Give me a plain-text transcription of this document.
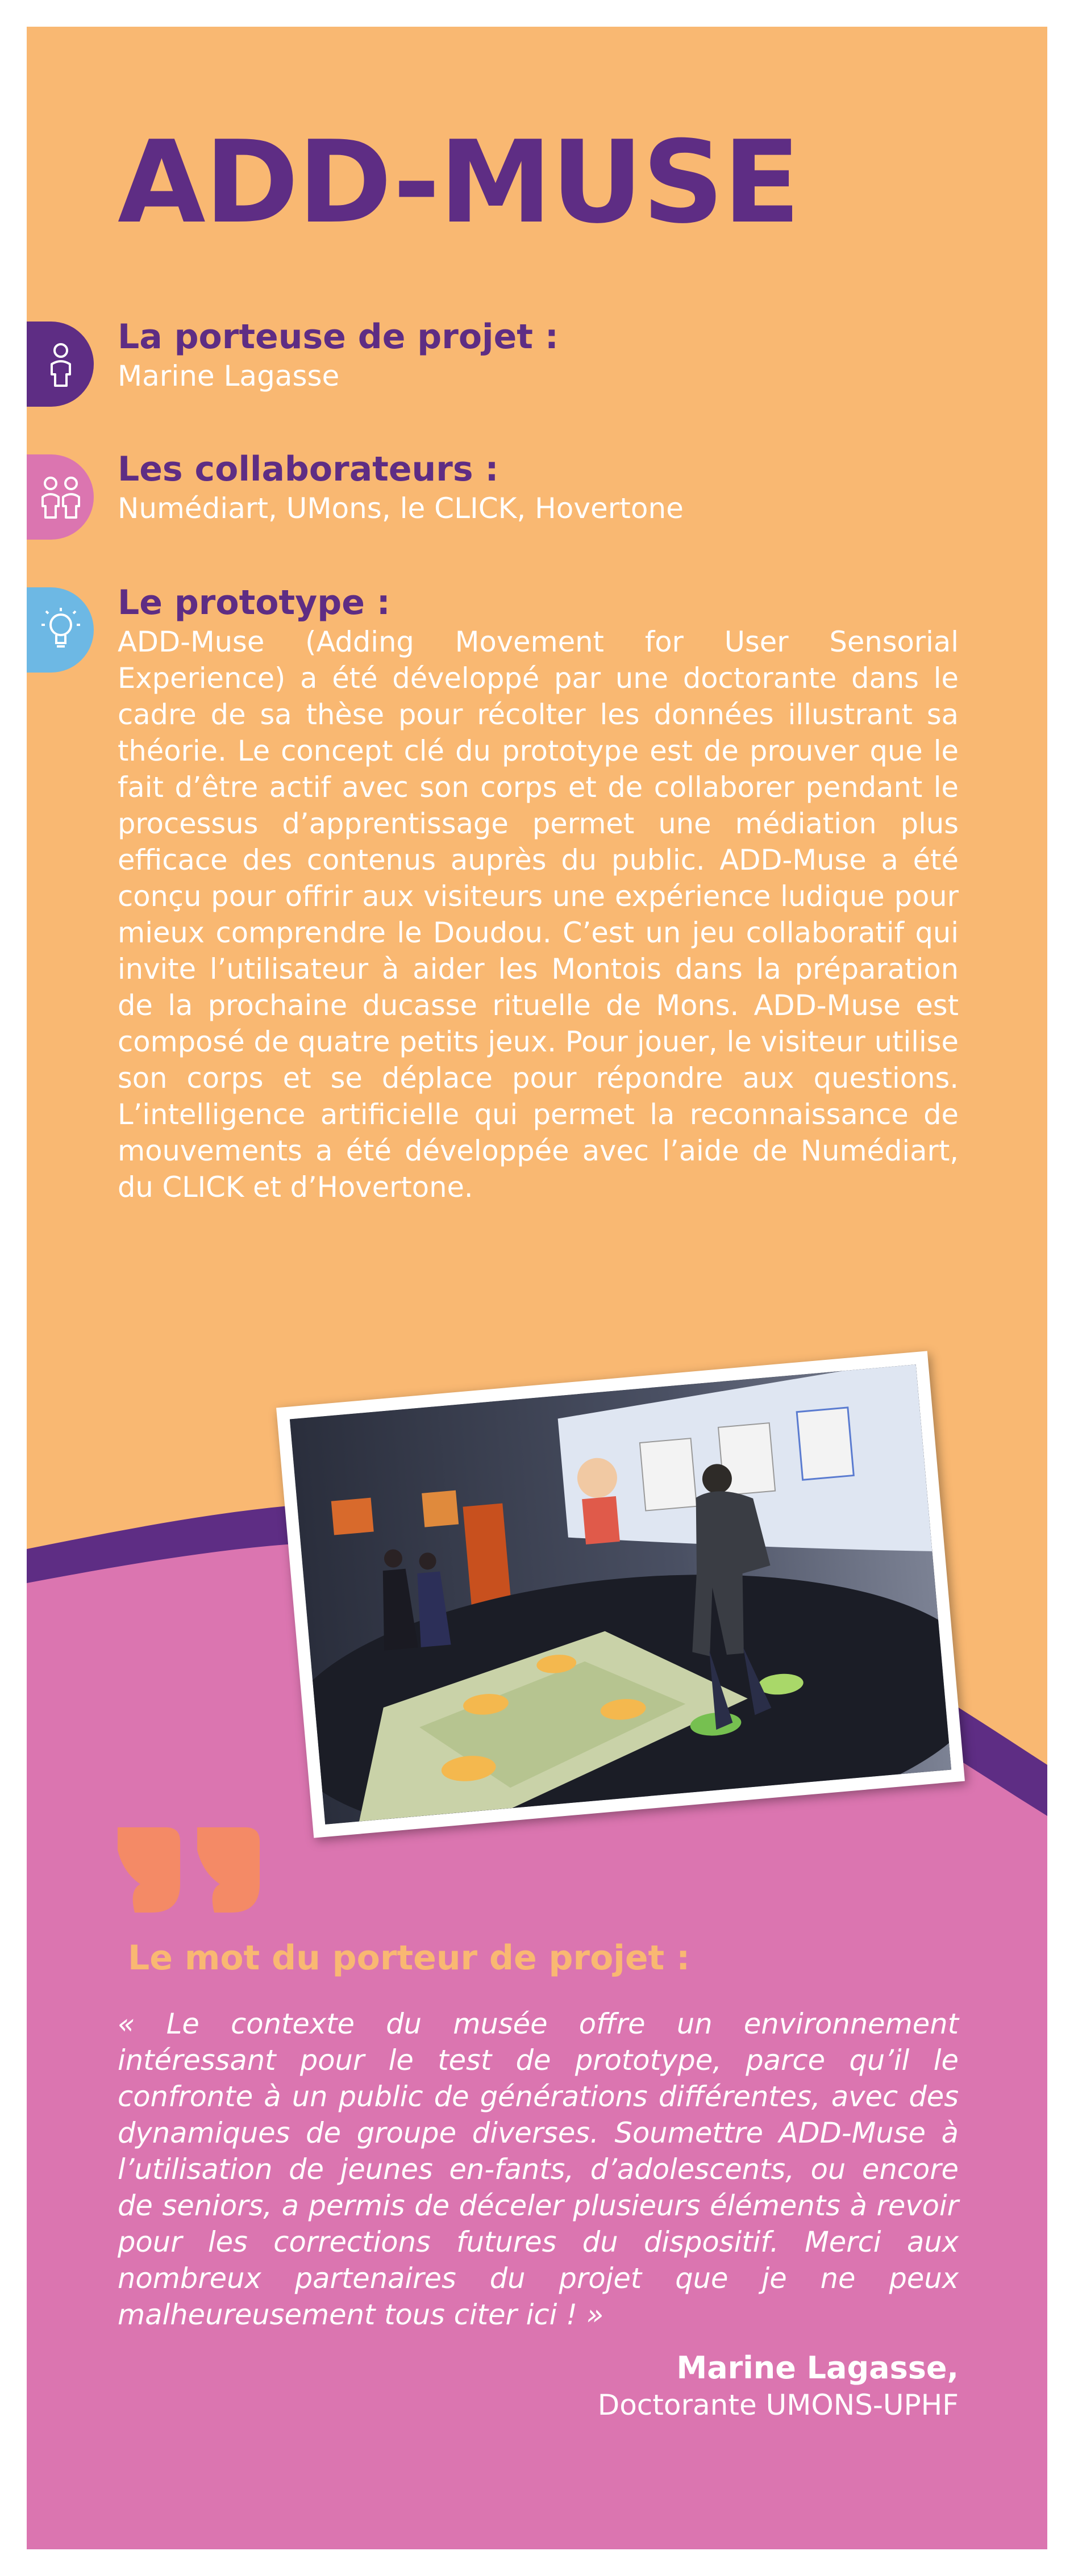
ADD-MUSE
La porteuse de projet :

Marine Lagasse

Les collaborateurs :

Numédiart, UMons, le CLICK, Hovertone

Le prototype :

ADD-Muse (Adding Movement for User Sensorial Experience) a été développé par une doctorante dans le cadre de sa thèse pour récolter les données illustrant sa théorie. Le concept clé du prototype est de prouver que le fait d’être actif avec son corps et de collaborer pendant le processus d’apprentissage permet une médiation plus efficace des contenus auprès du public. ADD-Muse a été conçu pour offrir aux visiteurs une expérience ludique pour mieux comprendre le Doudou. C’est un jeu collaboratif qui invite l’utilisateur à aider les Montois dans la préparation de la prochaine ducasse rituelle de Mons. ADD-Muse est composé de quatre petits jeux. Pour jouer, le visiteur utilise son corps et se déplace pour répondre aux questions. L’intelligence artificielle qui permet la reconnaissance de mouvements a été développée avec l’aide de Numédiart, du CLICK et d’Hovertone.

Le mot du porteur de projet :

« Le contexte du musée offre un environnement intéressant pour le test de prototype, parce qu’il le confronte à un public de générations différentes, avec des dynamiques de groupe diverses. Soumettre ADD-Muse à l’utilisation de jeunes en-fants, d’adolescents, ou encore de seniors, a permis de déceler plusieurs éléments à revoir pour les corrections futures du dispositif. Merci aux nombreux partenaires du projet que je ne peux malheureusement tous citer ici ! »

Marine Lagasse,

Doctorante UMONS-UPHF
